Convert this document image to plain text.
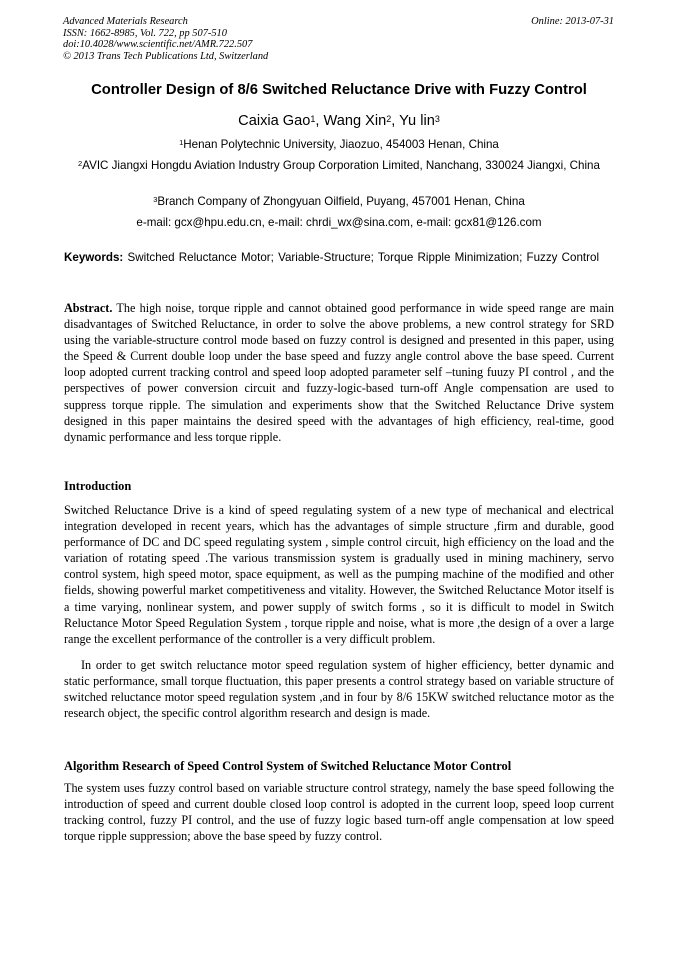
Advanced Materials Research
ISSN: 1662-8985, Vol. 722, pp 507-510
doi:10.4028/www.scientific.net/AMR.722.507
© 2013 Trans Tech Publications Ltd, Switzerland
Online: 2013-07-31
Controller Design of 8/6 Switched Reluctance Drive with Fuzzy Control
Caixia Gao$^1$, Wang Xin$^2$, Yu lin$^3$
$^1$Henan Polytechnic University, Jiaozuo, 454003 Henan, China
$^2$AVIC Jiangxi Hongdu Aviation Industry Group Corporation Limited, Nanchang, 330024 Jiangxi, China
$^3$Branch Company of Zhongyuan Oilfield, Puyang, 457001 Henan, China
e-mail: gcx@hpu.edu.cn, e-mail: chrdi_wx@sina.com, e-mail: gcx81@126.com
Keywords: Switched Reluctance Motor; Variable-Structure; Torque Ripple Minimization; Fuzzy Control
Abstract. The high noise, torque ripple and cannot obtained good performance in wide speed range are main disadvantages of Switched Reluctance, in order to solve the above problems, a new control strategy for SRD using the variable-structure control mode based on fuzzy control is designed and presented in this paper, using the Speed & Current double loop under the base speed and fuzzy angle control above the base speed. Current loop adopted current tracking control and speed loop adopted parameter self –tuning fuuzy PI control , and the perspectives of power conversion circuit and fuzzy-logic-based turn-off Angle compensation are used to suppress torque ripple. The simulation and experiments show that the Switched Reluctance Drive system designed in this paper maintains the desired speed with the advantages of high efficiency, real-time, good dynamic performance and less torque ripple.
Introduction
Switched Reluctance Drive is a kind of speed regulating system of a new type of mechanical and electrical integration developed in recent years, which has the advantages of simple structure ,firm and durable, good performance of DC and DC speed regulating system , simple control circuit, high efficiency on the load and the variation of rotating speed .The various transmission system is gradually used in mining machinery, servo control system, high speed motor, space equipment, as well as the pumping machine of the modified and other fields, showing powerful market competitiveness and vitality. However, the Switched Reluctance Motor itself is a time varying, nonlinear system, and power supply of switch forms , so it is difficult to model in Switch Reluctance Motor Speed Regulation System , torque ripple and noise, what is more ,the design of a over a large range the excellent performance of the controller is a very difficult problem.
In order to get switch reluctance motor speed regulation system of higher efficiency, better dynamic and static performance, small torque fluctuation, this paper presents a control strategy based on variable structure of switched reluctance motor speed regulation system ,and in four by 8/6 15KW switched reluctance motor as the research object, the specific control algorithm research and design is made.
Algorithm Research of Speed Control System of Switched Reluctance Motor Control
The system uses fuzzy control based on variable structure control strategy, namely the base speed following the introduction of speed and current double closed loop control is adopted in the current loop, speed loop current tracking control, fuzzy PI control, and the use of fuzzy logic based turn-off angle compensation at low speed torque ripple suppression; above the base speed by fuzzy control.
